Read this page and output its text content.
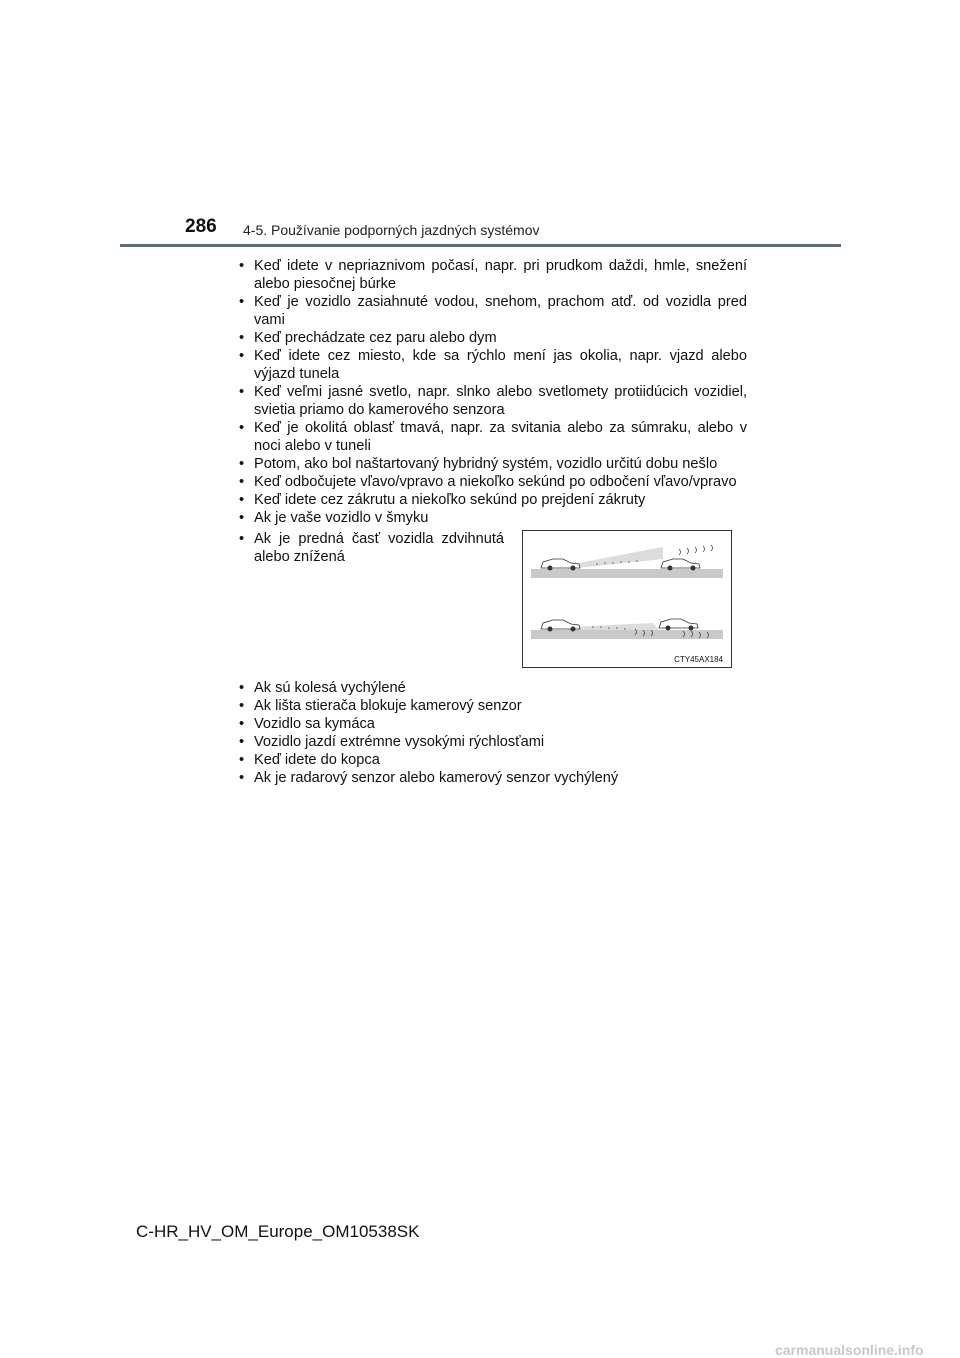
286 4-5. Používanie podporných jazdných systémov
• Keď idete v nepriaznivom počasí, napr. pri prudkom daždi, hmle, snežení alebo piesočnej búrke
• Keď je vozidlo zasiahnuté vodou, snehom, prachom atď. od vozidla pred vami
• Keď prechádzate cez paru alebo dym
• Keď idete cez miesto, kde sa rýchlo mení jas okolia, napr. vjazd alebo výjazd tunela
• Keď veľmi jasné svetlo, napr. slnko alebo svetlomety protiidúcich vozidiel, svietia priamo do kamerového senzora
• Keď je okolitá oblasť tmavá, napr. za svitania alebo za súmraku, alebo v noci alebo v tuneli
• Potom, ako bol naštartovaný hybridný systém, vozidlo určitú dobu nešlo
• Keď odbočujete vľavo/vpravo a niekoľko sekúnd po odbočení vľavo/vpravo
• Keď idete cez zákrutu a niekoľko sekúnd po prejdení zákruty
• Ak je vaše vozidlo v šmyku
• Ak je predná časť vozidla zdvihnutá alebo znížená
CTY45AX184
• Ak sú kolesá vychýlené
• Ak lišta stierača blokuje kamerový senzor
• Vozidlo sa kymáca
• Vozidlo jazdí extrémne vysokými rýchlosťami
• Keď idete do kopca
• Ak je radarový senzor alebo kamerový senzor vychýlený
C-HR_HV_OM_Europe_OM10538SK
carmanualsonline.info
